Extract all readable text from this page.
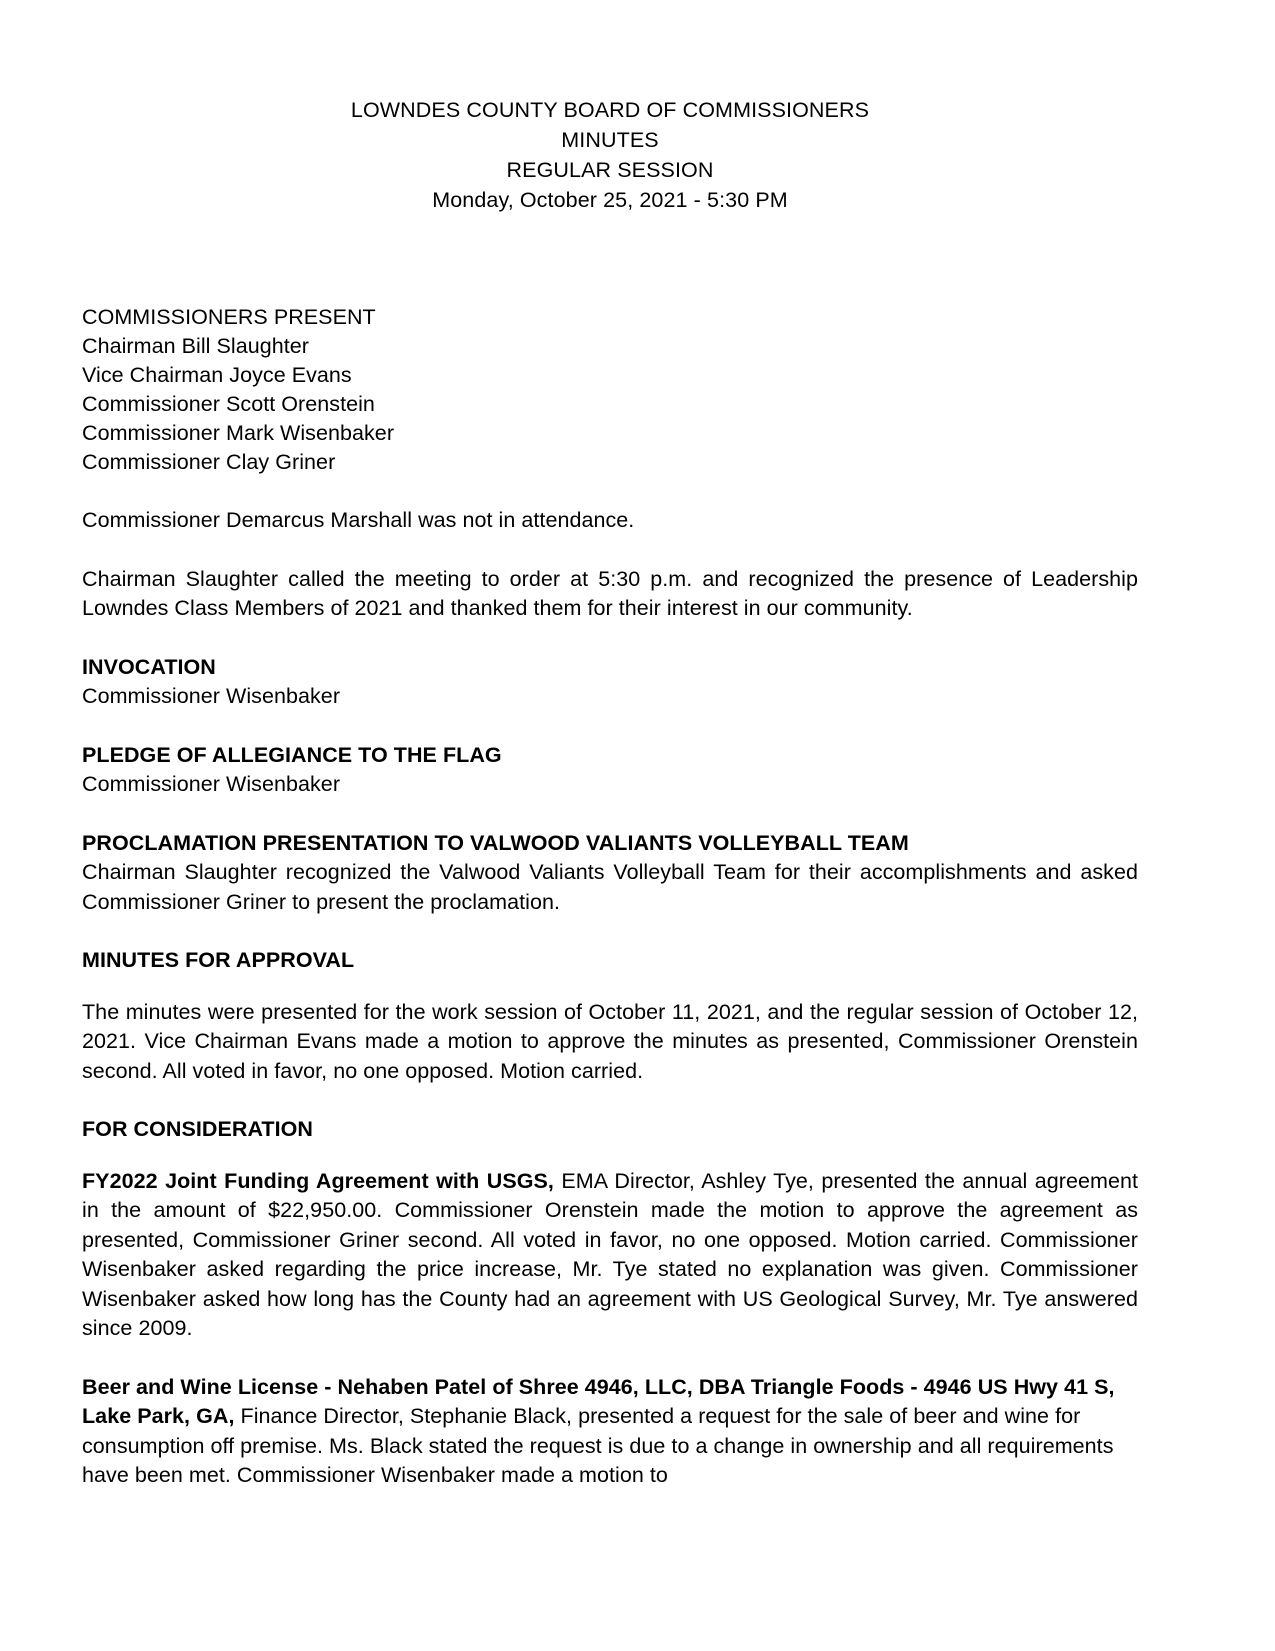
LOWNDES COUNTY BOARD OF COMMISSIONERS
MINUTES
REGULAR SESSION
Monday, October 25, 2021 - 5:30 PM
COMMISSIONERS PRESENT
Chairman Bill Slaughter
Vice Chairman Joyce Evans
Commissioner Scott Orenstein
Commissioner Mark Wisenbaker
Commissioner Clay Griner

Commissioner Demarcus Marshall was not in attendance.

Chairman Slaughter called the meeting to order at 5:30 p.m. and recognized the presence of Leadership Lowndes Class Members of 2021 and thanked them for their interest in our community.

INVOCATION

Commissioner Wisenbaker

PLEDGE OF ALLEGIANCE TO THE FLAG

Commissioner Wisenbaker

PROCLAMATION PRESENTATION TO VALWOOD VALIANTS VOLLEYBALL TEAM

Chairman Slaughter recognized the Valwood Valiants Volleyball Team for their accomplishments and asked Commissioner Griner to present the proclamation.

MINUTES FOR APPROVAL

The minutes were presented for the work session of October 11, 2021, and the regular session of October 12, 2021. Vice Chairman Evans made a motion to approve the minutes as presented, Commissioner Orenstein second. All voted in favor, no one opposed. Motion carried.

FOR CONSIDERATION

FY2022 Joint Funding Agreement with USGS, EMA Director, Ashley Tye, presented the annual agreement in the amount of $22,950.00. Commissioner Orenstein made the motion to approve the agreement as presented, Commissioner Griner second. All voted in favor, no one opposed. Motion carried. Commissioner Wisenbaker asked regarding the price increase, Mr. Tye stated no explanation was given. Commissioner Wisenbaker asked how long has the County had an agreement with US Geological Survey, Mr. Tye answered since 2009.

Beer and Wine License - Nehaben Patel of Shree 4946, LLC, DBA Triangle Foods - 4946 US Hwy 41 S, Lake Park, GA, Finance Director, Stephanie Black, presented a request for the sale of beer and wine for consumption off premise. Ms. Black stated the request is due to a change in ownership and all requirements have been met. Commissioner Wisenbaker made a motion to
